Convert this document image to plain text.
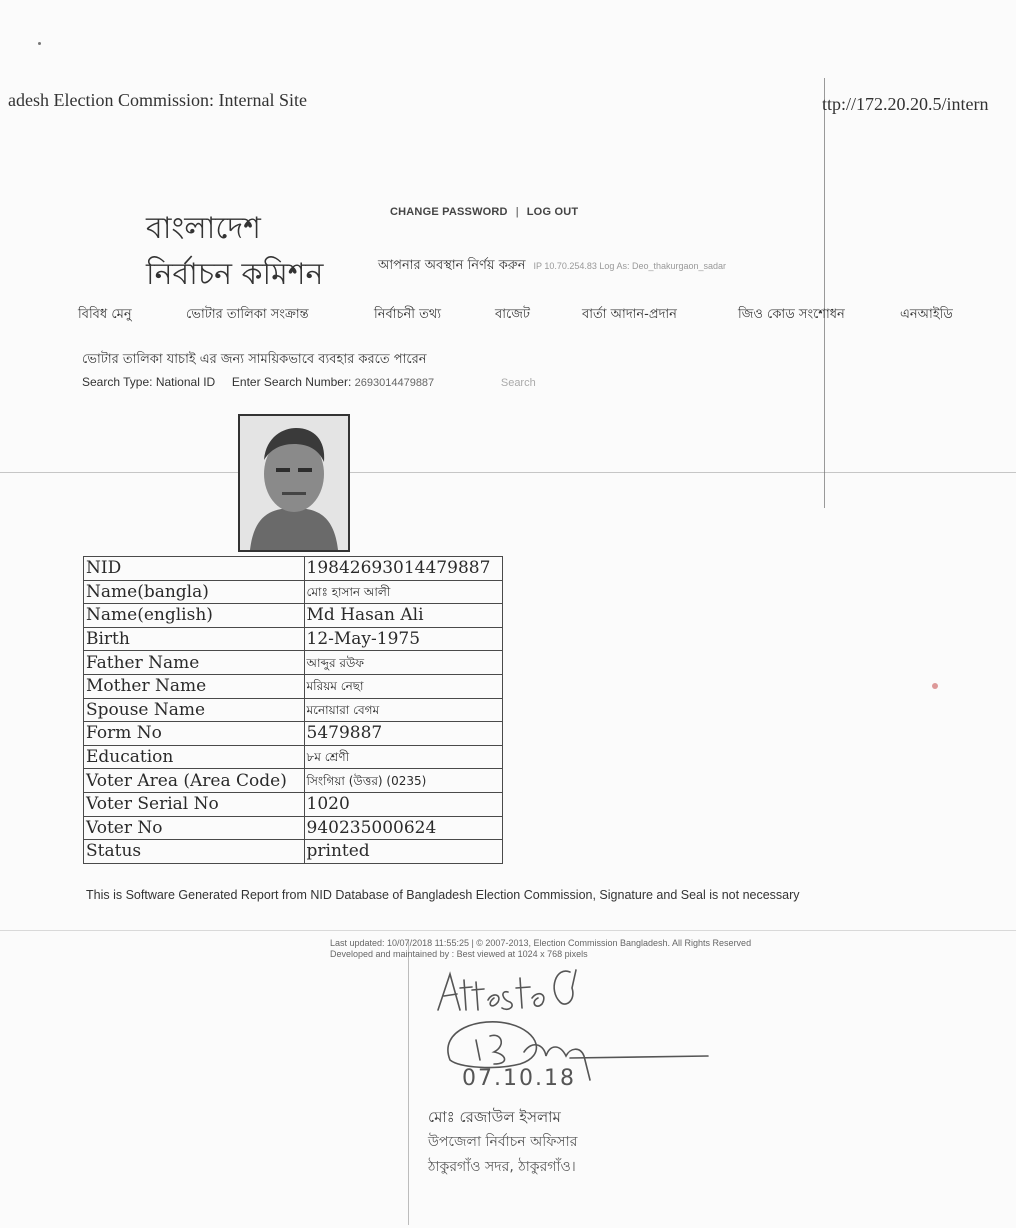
adesh Election Commission: Internal Site	ttp://172.20.20.5/intern
বাংলাদেশ
নির্বাচন কমিশন
CHANGE PASSWORD | LOG OUT
আপনার অবস্থান নির্ণয় করুন IP 10.70.254.83 Log As: Deo_thakurgaon_sadar
বিবিধ মেনু	ভোটার তালিকা সংক্রান্ত	নির্বাচনী তথ্য	বাজেট	বার্তা আদান-প্রদান	জিও কোড সংশোধন	এনআইডি
ভোটার তালিকা যাচাই এর জন্য সাময়িকভাবে ব্যবহার করতে পারেন
Search Type: National ID Enter Search Number: 2693014479887	Search
NID	19842693014479887
Name(bangla)	মোঃ হাসান আলী
Name(english)	Md Hasan Ali
Birth	12-May-1975
Father Name	আব্দুর রউফ
Mother Name	মরিয়ম নেছা
Spouse Name	মনোয়ারা বেগম
Form No	5479887
Education	৮ম শ্রেণী
Voter Area (Area Code)	সিংগিয়া (উত্তর) (0235)
Voter Serial No	1020
Voter No	940235000624
Status	printed
This is Software Generated Report from NID Database of Bangladesh Election Commission, Signature and Seal is not necessary
Last updated: 10/07/2018 11:55:25 | © 2007-2013, Election Commission Bangladesh. All Rights Reserved
Developed and maintained by : Best viewed at 1024 x 768 pixels
07.10.18
মোঃ রেজাউল ইসলাম
উপজেলা নির্বাচন অফিসার
ঠাকুরগাঁও সদর, ঠাকুরগাঁও।
